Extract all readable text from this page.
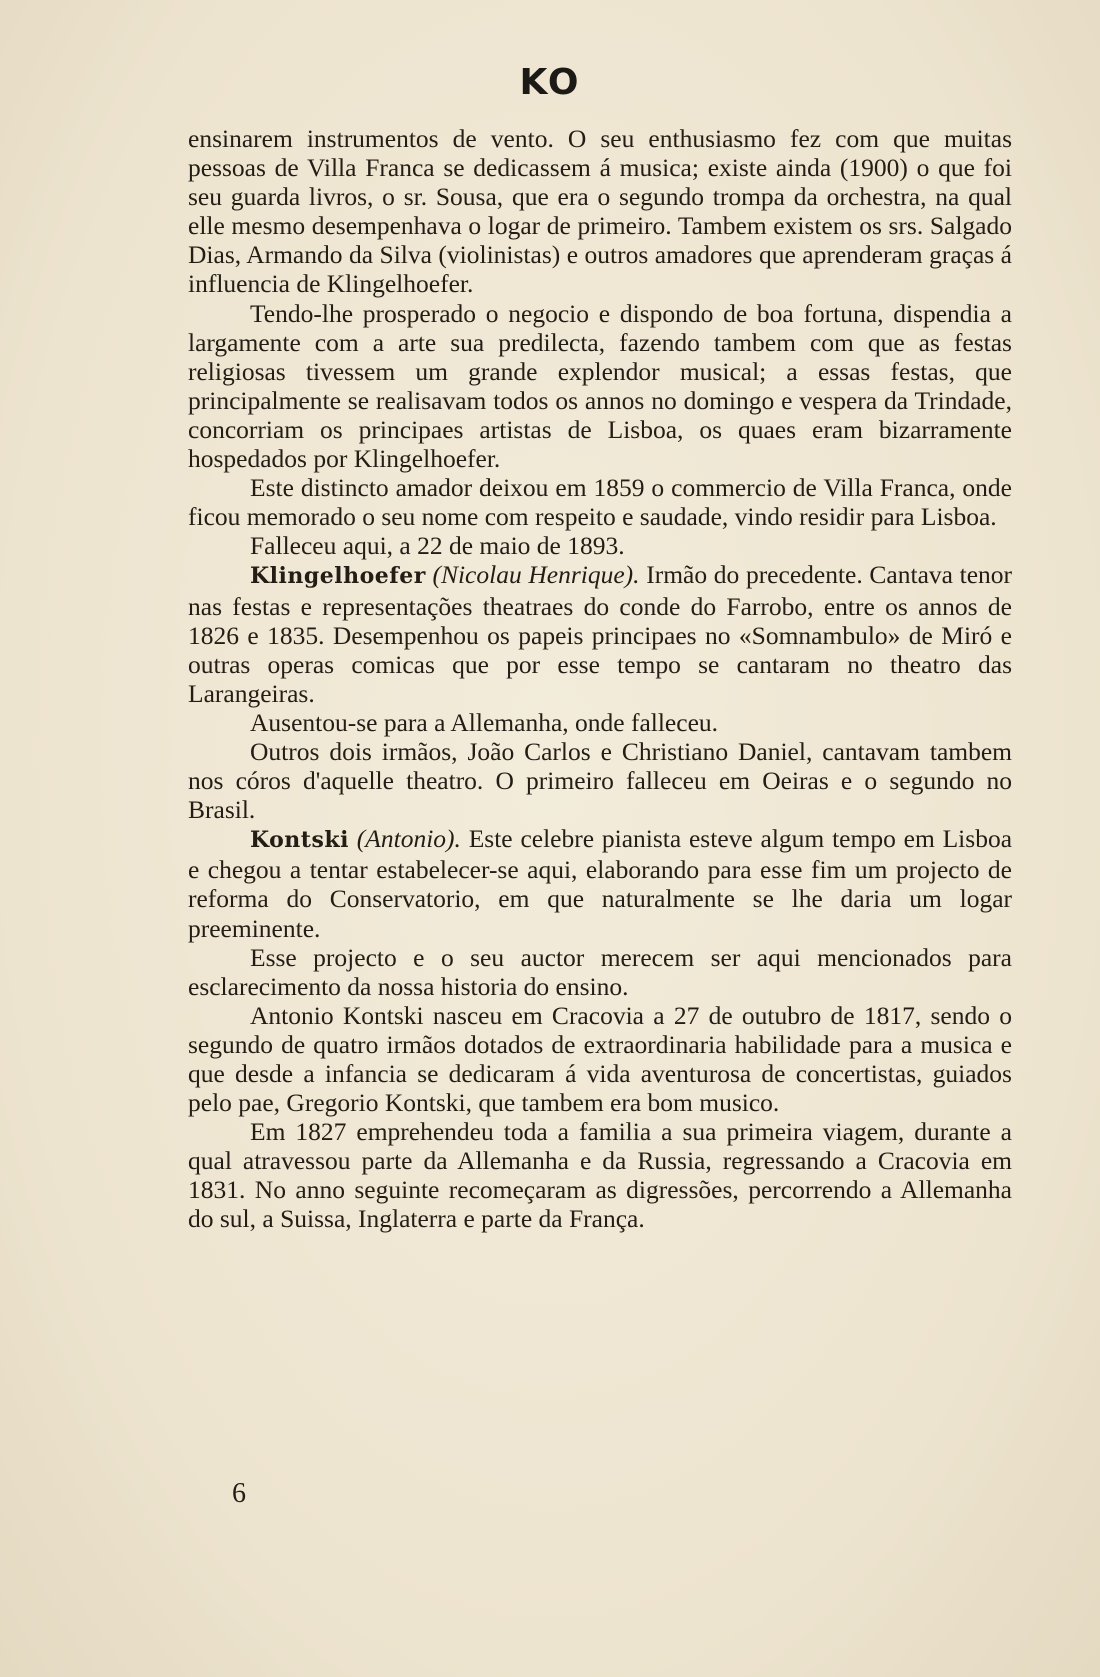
KO

ensinarem instrumentos de vento. O seu enthusiasmo fez com que muitas pessoas de Villa Franca se dedicassem á musica; existe ainda (1900) o que foi seu guarda livros, o sr. Sousa, que era o segundo trompa da orchestra, na qual elle mesmo desempenhava o logar de primeiro. Tambem existem os srs. Salgado Dias, Armando da Silva (violinistas) e outros amadores que aprenderam graças á influencia de Klingelhoefer.

Tendo-lhe prosperado o negocio e dispondo de boa fortuna, dispendia a largamente com a arte sua predilecta, fazendo tambem com que as festas religiosas tivessem um grande explendor musical; a essas festas, que principalmente se realisavam todos os annos no domingo e vespera da Trindade, concorriam os principaes artistas de Lisboa, os quaes eram bizarramente hospedados por Klingelhoefer.

Este distincto amador deixou em 1859 o commercio de Villa Franca, onde ficou memorado o seu nome com respeito e saudade, vindo residir para Lisboa.

Falleceu aqui, a 22 de maio de 1893.

Klingelhoefer (Nicolau Henrique). Irmão do precedente. Cantava tenor nas festas e representações theatraes do conde do Farrobo, entre os annos de 1826 e 1835. Desempenhou os papeis principaes no «Somnambulo» de Miró e outras operas comicas que por esse tempo se cantaram no theatro das Larangeiras.

Ausentou-se para a Allemanha, onde falleceu.

Outros dois irmãos, João Carlos e Christiano Daniel, cantavam tambem nos córos d'aquelle theatro. O primeiro falleceu em Oeiras e o segundo no Brasil.

Kontski (Antonio). Este celebre pianista esteve algum tempo em Lisboa e chegou a tentar estabelecer-se aqui, elaborando para esse fim um projecto de reforma do Conservatorio, em que naturalmente se lhe daria um logar preeminente.

Esse projecto e o seu auctor merecem ser aqui mencionados para esclarecimento da nossa historia do ensino.

Antonio Kontski nasceu em Cracovia a 27 de outubro de 1817, sendo o segundo de quatro irmãos dotados de extraordinaria habilidade para a musica e que desde a infancia se dedicaram á vida aventurosa de concertistas, guiados pelo pae, Gregorio Kontski, que tambem era bom musico.

Em 1827 emprehendeu toda a familia a sua primeira viagem, durante a qual atravessou parte da Allemanha e da Russia, regressando a Cracovia em 1831. No anno seguinte recomeçaram as digressões, percorrendo a Allemanha do sul, a Suissa, Inglaterra e parte da França.

6
